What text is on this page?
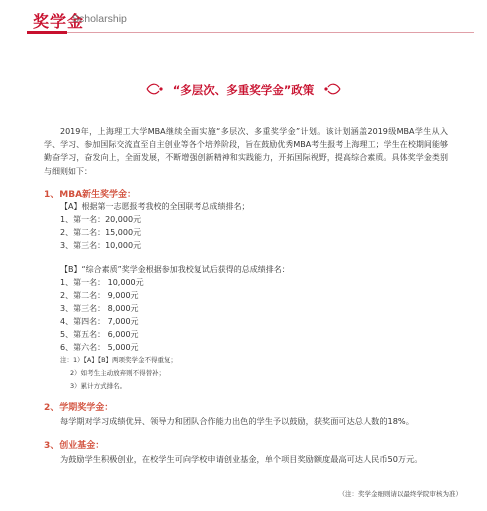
奖学金
Scholarship
“多层次、多重奖学金”政策
2019年，上海理工大学MBA继续全面实施“多层次、多重奖学金”计划。该计划涵盖2019级MBA学生从入学、学习、参加国际交流直至自主创业等各个培养阶段，旨在鼓励优秀MBA考生报考上海理工；学生在校期间能够勤奋学习，奋发向上，全面发展，不断增强创新精神和实践能力，开拓国际视野，提高综合素质。具体奖学金类别与细则如下：
1、MBA新生奖学金：
【A】根据第一志愿报考我校的全国联考总成绩排名；
1、第一名：20,000元
2、第二名：15,000元
3、第三名：10,000元
【B】“综合素质”奖学金根据参加我校复试后获得的总成绩排名：
1、第一名： 10,000元
2、第二名： 9,000元
3、第三名： 8,000元
4、第四名： 7,000元
5、第五名： 6,000元
6、第六名： 5,000元
注：1）【A】【B】两项奖学金不得重复；
2）如考生主动放弃则不得替补；
3）累计方式排名。
2、学期奖学金：
每学期对学习成绩优异、领导力和团队合作能力出色的学生予以鼓励，获奖面可达总人数的18%。
3、创业基金：
为鼓励学生积极创业，在校学生可向学校申请创业基金，单个项目奖励额度最高可达人民币50万元。
（注：奖学金细则请以最终学院审核为准）
